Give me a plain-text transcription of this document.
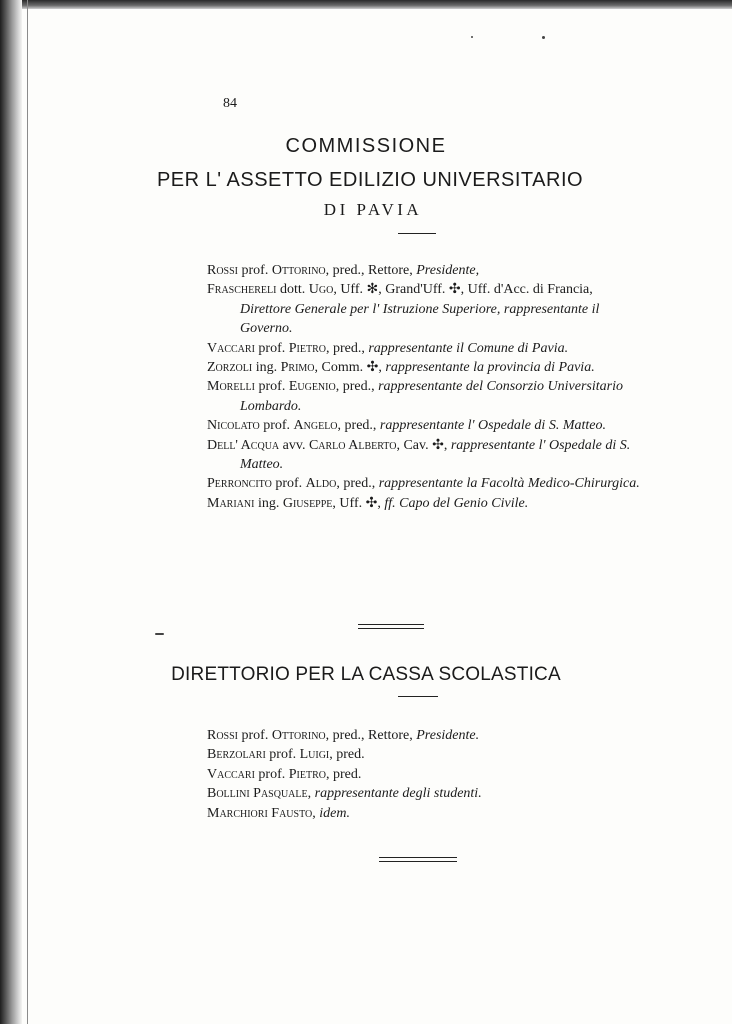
84
COMMISSIONE
PER L' ASSETTO EDILIZIO UNIVERSITARIO
DI PAVIA
Rossi prof. Ottorino, pred., Rettore, Presidente,
Fraschereli dott. Ugo, Uff. ✻, Grand'Uff. ✣, Uff. d'Acc. di Francia, Direttore Generale per l' Istruzione Superiore, rappresentante il Governo.
Vaccari prof. Pietro, pred., rappresentante il Comune di Pavia.
Zorzoli ing. Primo, Comm. ✣, rappresentante la provincia di Pavia.
Morelli prof. Eugenio, pred., rappresentante del Consorzio Universitario Lombardo.
Nicolato prof. Angelo, pred., rappresentante l' Ospedale di S. Matteo.
Dell' Acqua avv. Carlo Alberto, Cav. ✣, rappresentante l' Ospedale di S. Matteo.
Perroncito prof. Aldo, pred., rappresentante la Facoltà Medico-Chirurgica.
Mariani ing. Giuseppe, Uff. ✣, ff. Capo del Genio Civile.
DIRETTORIO PER LA CASSA SCOLASTICA
Rossi prof. Ottorino, pred., Rettore, Presidente.
Berzolari prof. Luigi, pred.
Vaccari prof. Pietro, pred.
Bollini Pasquale, rappresentante degli studenti.
Marchiori Fausto, idem.
